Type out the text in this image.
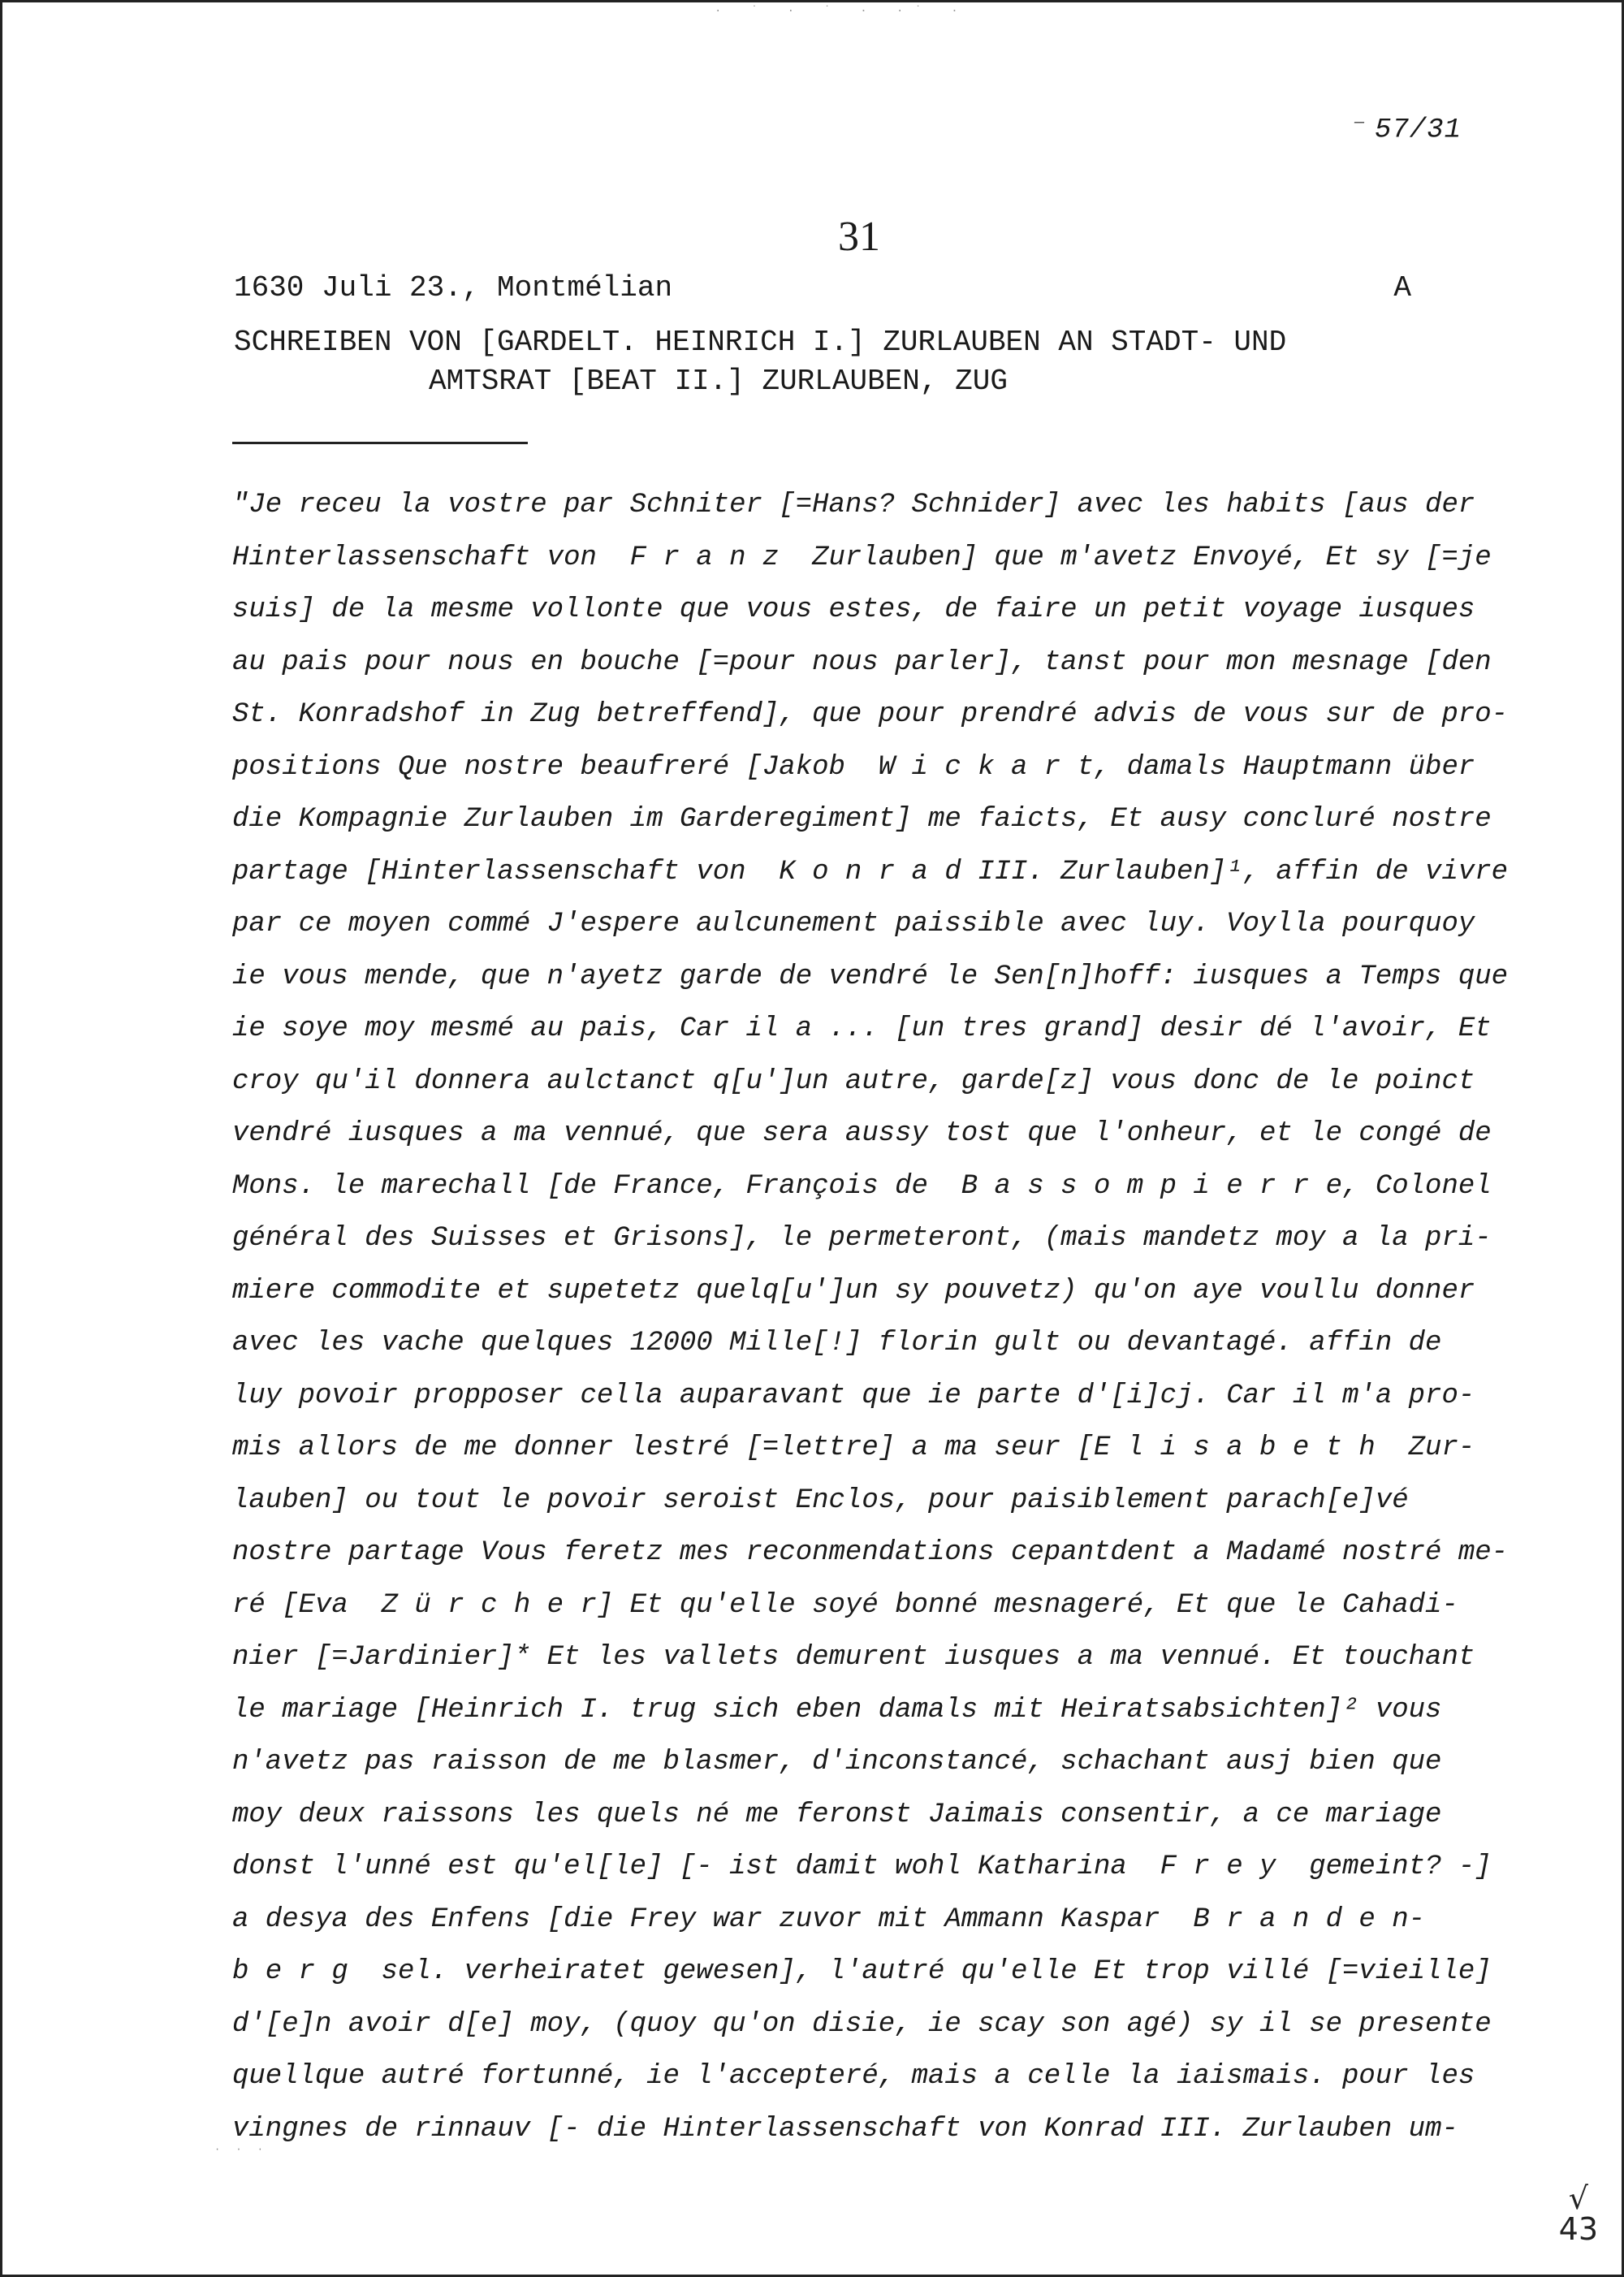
· ˙ · ˙ · ·˙ ·
— 57/31
31
1630 Juli 23., Montmélian	A
SCHREIBEN VON [GARDELT. HEINRICH I.] ZURLAUBEN AN STADT- UND
AMTSRAT [BEAT II.] ZURLAUBEN, ZUG
"Je receu la vostre par Schniter [=Hans? Schnider] avec les habits [aus der
Hinterlassenschaft von  F r a n z  Zurlauben] que m'avetz Envoyé, Et sy [=je
suis] de la mesme vollonte que vous estes, de faire un petit voyage iusques
au pais pour nous en bouche [=pour nous parler], tanst pour mon mesnage [den
St. Konradshof in Zug betreffend], que pour prendré advis de vous sur de pro-
positions Que nostre beaufreré [Jakob  W i c k a r t, damals Hauptmann über
die Kompagnie Zurlauben im Garderegiment] me faicts, Et ausy concluré nostre
partage [Hinterlassenschaft von  K o n r a d III. Zurlauben]¹, affin de vivre
par ce moyen commé J'espere aulcunement paissible avec luy. Voylla pourquoy
ie vous mende, que n'ayetz garde de vendré le Sen[n]hoff: iusques a Temps que
ie soye moy mesmé au pais, Car il a ... [un tres grand] desir dé l'avoir, Et
croy qu'il donnera aulctanct q[u']un autre, garde[z] vous donc de le poinct
vendré iusques a ma vennué, que sera aussy tost que l'onheur, et le congé de
Mons. le marechall [de France, François de  B a s s o m p i e r r e, Colonel
général des Suisses et Grisons], le permeteront, (mais mandetz moy a la pri-
miere commodite et supetetz quelq[u']un sy pouvetz) qu'on aye voullu donner
avec les vache quelques 12000 Mille[!] florin gult ou devantagé. affin de
luy povoir propposer cella auparavant que ie parte d'[i]cj. Car il m'a pro-
mis allors de me donner lestré [=lettre] a ma seur [E l i s a b e t h  Zur-
lauben] ou tout le povoir seroist Enclos, pour paisiblement parach[e]vé
nostre partage Vous feretz mes reconmendations cepantdent a Madamé nostré me-
ré [Eva  Z ü r c h e r] Et qu'elle soyé bonné mesnageré, Et que le Cahadi-
nier [=Jardinier]* Et les vallets demurent iusques a ma vennué. Et touchant
le mariage [Heinrich I. trug sich eben damals mit Heiratsabsichten]² vous
n'avetz pas raisson de me blasmer, d'inconstancé, schachant ausj bien que
moy deux raissons les quels né me feronst Jaimais consentir, a ce mariage
donst l'unné est qu'el[le] [- ist damit wohl Katharina  F r e y  gemeint? -]
a desya des Enfens [die Frey war zuvor mit Ammann Kaspar  B r a n d e n-
b e r g  sel. verheiratet gewesen], l'autré qu'elle Et trop villé [=vieille]
d'[e]n avoir d[e] moy, (quoy qu'on disie, ie scay son agé) sy il se presente
quellque autré fortunné, ie l'accepteré, mais a celle la iaismais. pour les
vingnes de rinnauv [- die Hinterlassenschaft von Konrad III. Zurlauben um-
· · ·
√
43
